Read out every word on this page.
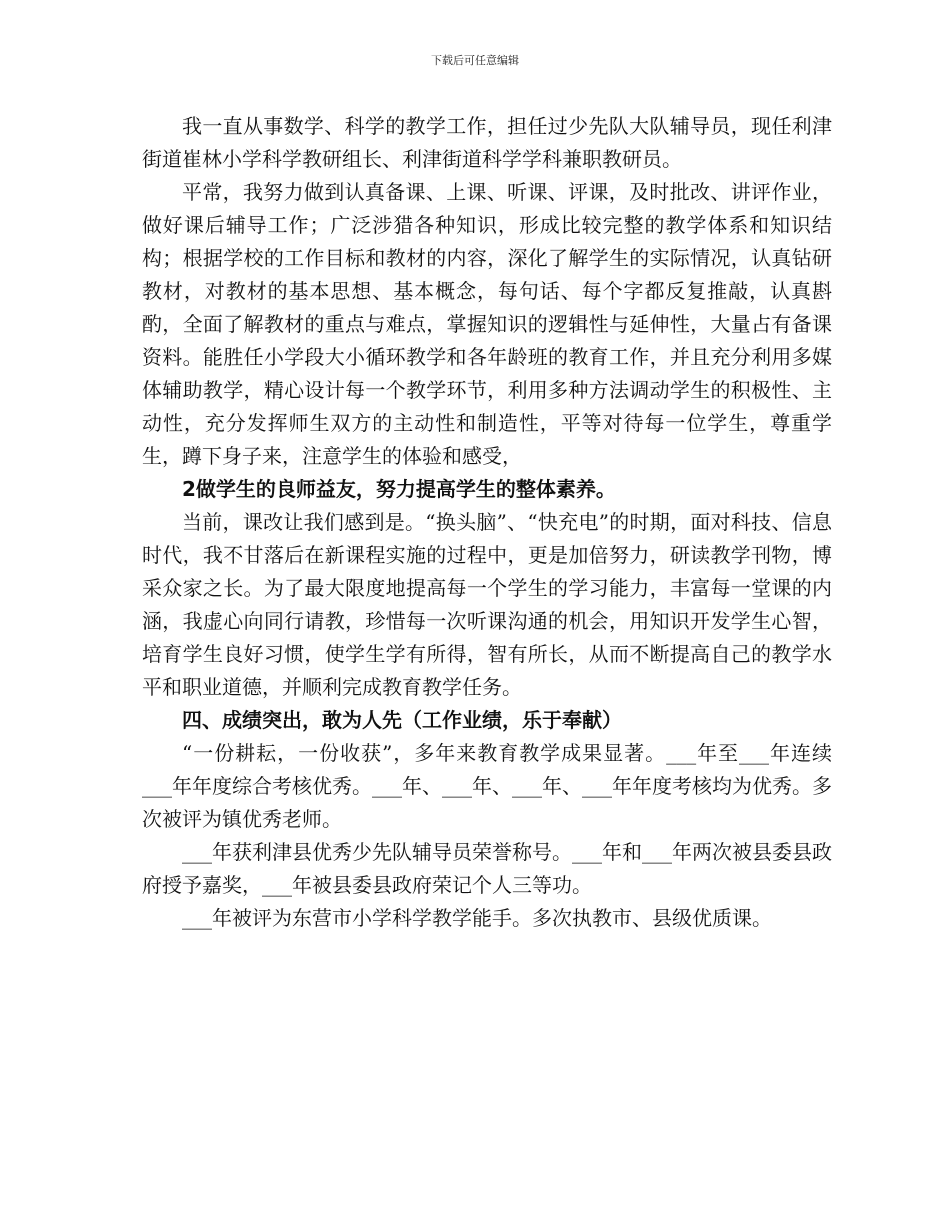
下载后可任意编辑

我一直从事数学、科学的教学工作，担任过少先队大队辅导员，现任利津街道崔林小学科学教研组长、利津街道科学学科兼职教研员。

平常，我努力做到认真备课、上课、听课、评课，及时批改、讲评作业，做好课后辅导工作；广泛涉猎各种知识，形成比较完整的教学体系和知识结构；根据学校的工作目标和教材的内容，深化了解学生的实际情况，认真钻研教材，对教材的基本思想、基本概念，每句话、每个字都反复推敲，认真斟酌，全面了解教材的重点与难点，掌握知识的逻辑性与延伸性，大量占有备课资料。能胜任小学段大小循环教学和各年龄班的教育工作，并且充分利用多媒体辅助教学，精心设计每一个教学环节，利用多种方法调动学生的积极性、主动性，充分发挥师生双方的主动性和制造性，平等对待每一位学生，尊重学生，蹲下身子来，注意学生的体验和感受，

2做学生的良师益友，努力提高学生的整体素养。

当前，课改让我们感到是。“换头脑”、“快充电”的时期，面对科技、信息时代，我不甘落后在新课程实施的过程中，更是加倍努力，研读教学刊物，博采众家之长。为了最大限度地提高每一个学生的学习能力，丰富每一堂课的内涵，我虚心向同行请教，珍惜每一次听课沟通的机会，用知识开发学生心智，培育学生良好习惯，使学生学有所得，智有所长，从而不断提高自己的教学水平和职业道德，并顺利完成教育教学任务。

四、成绩突出，敢为人先（工作业绩，乐于奉献）

“一份耕耘，一份收获”，多年来教育教学成果显著。___年至___年连续___年年度综合考核优秀。___年、___年、___年、___年年度考核均为优秀。多次被评为镇优秀老师。

___年获利津县优秀少先队辅导员荣誉称号。___年和___年两次被县委县政府授予嘉奖，___年被县委县政府荣记个人三等功。

___年被评为东营市小学科学教学能手。多次执教市、县级优质课。
